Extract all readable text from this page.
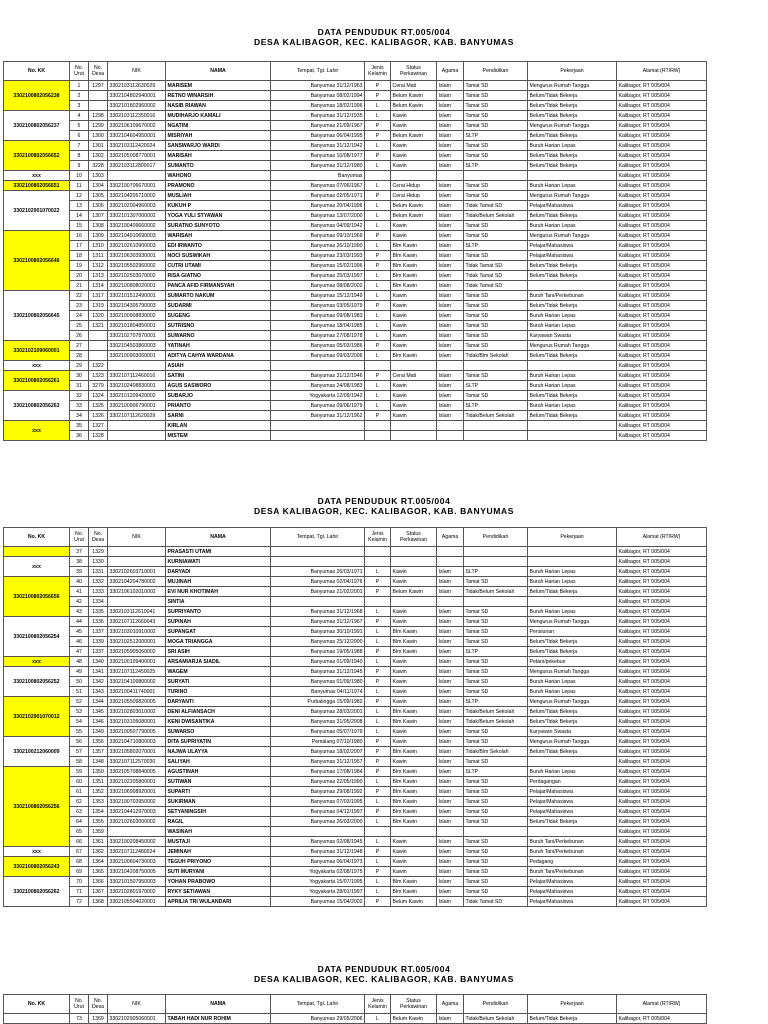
DATA PENDUDUK RT.005/004
DESA KALIBAGOR, KEC. KALIBAGOR, KAB. BANYUMAS
DATA PENDUDUK RT.005/004
DESA KALIBAGOR, KEC. KALIBAGOR, KAB. BANYUMAS
DATA PENDUDUK RT.005/004
DESA KALIBAGOR, KEC. KALIBAGOR, KAB. BANYUMAS
No. KK	No. Urut	No. Desa	NIK	NAMA	Tempat, Tgl. Lahir	Jenis Kelamin	Status Perkawinan	Agama	Pendidikan	Pekerjaan	Alamat (RT/RW)
3302100802056238	1	1297	3302103112630029	MARISEM	Banyumas 31/12/1963	P	Cerai Mati	Islam	Tamat SD	Mengurus Rumah Tangga	Kalibagor, RT 005/004
	2		3302104802940001	RETNO WINARSIH	Banyumas 08/02/1994	P	Belum Kawin	Islam	Tamat SD	Belum/Tidak Bekerja	Kalibagor, RT 005/004
	3		3302101802960002	NASIB RIAWAN	Banyumas 18/02/1996	L	Belum Kawin	Islam	Tamat SD	Belum/Tidak Bekerja	Kalibagor, RT 005/004
3302100802056237	4	1298	3302103112350016	MUDIHARJO KAMALI	Banyumas 31/12/1935	L	Kawin	Islam	Tamat SD	Belum/Tidak Bekerja	Kalibagor, RT 005/004
	5	1299	3302106109670002	NGATINI	Banyumas 21/09/1967	P	Kawin	Islam	Tamat SD	Mengurus Rumah Tangga	Kalibagor, RT 005/004
	6	1300	3302104604950001	MISRIYAH	Banyumas 06/04/1995	P	Belum Kawin	Islam	SLTP	Belum/Tidak Bekerja	Kalibagor, RT 005/004
3302100802056652	7	1301	3302103112420024	SANSWARJO WARDI	Banyumas 31/12/1942	L	Kawin	Islam	Tamat SD	Buruh Harian Lepas	Kalibagor, RT 005/004
	8	1302	3302105008770001	MARISAH	Banyumas 10/08/1977	P	Kawin	Islam	Tamat SD	Belum/Tidak Bekerja	Kalibagor, RT 005/004
	9	3228	3302103112800017	SUMANTO	Banyumas 31/12/1980	L	Kawin	Islam	SLTP	Belum/Tidak Bekerja	Kalibagor, RT 005/004
xxx	10	1303		WAHONO	Banyumas						Kalibagor, RT 005/004
3302100802056651	11	1304	3302100706670001	PRAMONO	Banyumas 07/06/1967	L	Cerai Hidup	Islam	Tamat SD	Buruh Harian Lepas	Kalibagor, RT 005/004
3302102901070022	12	1305	3302104205710002	MUSLIAH	Banyumas 02/05/1971	P	Cerai Hidup	Islam	Tamat SD	Mengurus Rumah Tangga	Kalibagor, RT 005/004
	13	1306	3302102004960003	KUKUH P	Banyumas 20/04/1996	L	Belum Kawin	Islam	Tidak Tamat SD	Pelajar/Mahasiswa	Kalibagor, RT 005/004
	14	1307	3302101307000002	YOGA YULI STYAWAN	Banyumas 13/07/2000	L	Belum Kawin	Islam	Tidak/Belum Sekolah	Belum/Tidak Bekerja	Kalibagor, RT 005/004
	15	1308	3302100409660002	SURATNO SUNYOTO	Banyumas 04/09/1942	L	Kawin	Islam	Tamat SD	Buruh Harian Lepas	Kalibagor, RT 005/004
3302100802056646	16	1309	3302104910690003	WARISAH	Banyumas 09/10/1969	P	Kawin	Islam	Tamat SD	Mengurus Rumah Tangga	Kalibagor, RT 005/004
	17	1310	3302102610900003	EDI IRWANTO	Banyumas 26/10/1990	L	Blm Kawin	Islam	SLTP	Pelajar/Mahasiswa	Kalibagor, RT 005/004
	18	1311	3302106303930001	NOCI SUSWIKAH	Banyumas 23/03/1993	P	Blm Kawin	Islam	Tamat SD	Pelajar/Mahasiswa	Kalibagor, RT 005/004
	19	1312	3302105502960002	CUTRI UTAMI	Banyumas 15/02/1996	P	Blm Kawin	Islam	Tidak Tamat SD	Belum/Tidak Bekerja	Kalibagor, RT 005/004
	20	1313	3302102503070002	RISA GIATNO	Banyumas 25/03/1997	L	Blm Kawin	Islam	Tidak Tamat SD	Belum/Tidak Bekerja	Kalibagor, RT 005/004
	21	1314	3302100808020001	PANCA AFID FIRMANSYAH	Banyumas 08/08/2002	L	Blm Kawin	Islam	Tidak Tamat SD		Kalibagor, RT 005/004
3302100802056645	22	1317	3302101512490001	SUMARTO NAKUM	Banyumas 15/12/1949	L	Kawin	Islam	Tamat SD	Buruh Tani/Perkebunan	Kalibagor, RT 005/004
	23	1319	3302104305790003	SUDARMI	Banyumas 03/05/1979	P	Kawin	Islam	Tamat SD	Belum/Tidak Bekerja	Kalibagor, RT 005/004
	24	1320	3302100908830002	SUGENG	Banyumas 09/08/1983	L	Kawin	Islam	Tamat SD	Buruh Harian Lepas	Kalibagor, RT 005/004
	25	1321	3302101804850001	SUTRISNO	Banyumas 18/04/1985	L	Kawin	Islam	Tamat SD	Buruh Harian Lepas	Kalibagor, RT 005/004
	26		3302102707870001	SUWARNO	Banyumas 27/08/1978	L	Kawin	Islam	Tamat SD	Karyawan Swasta	Kalibagor, RT 005/004
3302102109060001	27		3302104503860003	YATINAH	Banyumas 05/03/1986	P	Kawin	Islam	Tamat SD	Mengurus Rumah Tangga	Kalibagor, RT 005/004
	28		3302100903060001	ADITYA CAHYA WARDANA	Banyumas 09/03/2006	L	Blm Kawin	Islam	Tidak/Blm Sekolah	Belum/Tidak Bekerja	Kalibagor, RT 005/004
xxx	29	1322		ASIAH							Kalibagor, RT 005/004
3302100802056261	30	1323	3302107112460016	SATINI	Banyumas 31/12/1946	P	Cerai Mati	Islam	Tamat SD	Buruh Harian Lepas	Kalibagor, RT 005/004
	31	3279	3302102408830001	AGUS SASWORO	Banyumas 24/08/1983	L	Kawin	Islam	SLTP	Buruh Harian Lepas	Kalibagor, RT 005/004
3302100802056263	32	1324	3302101209420002	SUBARJO	Yogyakarta 12/09/1942	L	Kawin	Islam	Tamat SD	Belum/Tidak Bekerja	Kalibagor, RT 005/004
	33	1325	3302100906790001	PRIANTO	Banyumas 09/06/1979	L	Kawin	Islam	SLTP	Buruh Harian Lepas	Kalibagor, RT 005/004
	34	1326	3302107112620029	SARNI	Banyumas 31/12/1962	P	Kawin	Islam	Tidak/Belum Sekolah	Belum/Tidak Bekerja	Kalibagor, RT 005/004
xxx	35	1327		KIRLAN							Kalibagor, RT 005/004
	36	1328		MISTEM							Kalibagor, RT 005/004
No. KK	No. Urut	No. Desa	NIK	NAMA	Tempat, Tgl. Lahir	Jenis Kelamin	Status Perkawinan	Agama	Pendidikan	Pekerjaan	Alamat (RT/RW)
	37	1329		PRASASTI UTAMI							Kalibagor, RT 005/004
xxx	38	1330		KURNIAWATI							Kalibagor, RT 005/004
	39	1331	3302102603710001	DARYADI	Banyumas 26/03/1971	L	Kawin	Islam	SLTP	Buruh Harian Lepas	Kalibagor, RT 005/004
3302100802056656	40	1332	3302104204780002	MUJINAH	Banyumas 02/04/1976	P	Kawin	Islam	Tamat SD	Buruh Harian Lepas	Kalibagor, RT 005/004
	41	1333	3302106102010002	EVI NUR KHOTIMAH	Banyumas 21/02/2001	P	Belum Kawin	Islam	Tidak/Belum Sekolah	Belum/Tidak Bekerja	Kalibagor, RT 005/004
	42	1334		SINTIA							Kalibagor, RT 005/004
	43	1335	3302103112610041	SUPRIYANTO	Banyumas 31/12/1968	L	Kawin	Islam	Tamat SD	Buruh Harian Lepas	Kalibagor, RT 005/004
3302100802056254	44	1336	3302107112660043	SUPINAH	Banyumas 31/12/1967	P	Kawin	Islam	Tamat SD	Mengurus Rumah Tangga	Kalibagor, RT 005/004
	45	1337	3302103010910002	SUPANGAT	Banyumas 30/10/1991	L	Blm Kawin	Islam	Tamat SD	Pensiunan	Kalibagor, RT 005/004
	46	1339	3302102512000001	MOGA TRIANGGA	Banyumas 25/12/2000	L	Blm Kawin	Islam	Tamat SD	Belum/Tidak Bekerja	Kalibagor, RT 005/004
	47	1337	3302105905060002	SRI ASIH	Banyumas 19/05/1988	P	Blm Kawin	Islam	SLTP	Belum/Tidak Bekerja	Kalibagor, RT 005/004
xxx	48	1340	3302100109400001	ARSAMIARJA SIADIL	Banyumas 01/09/1940	L	Kawin	Islam	Tamat SD	Petani/pekebun	Kalibagor, RT 005/004
3302100802056252	49	1341	3302107112450025	WAGEM	Banyumas 31/12/1945	P	Kawin	Islam	Tamat SD	Mengurus Rumah Tangga	Kalibagor, RT 005/004
	50	1342	3302104109800002	SURYATI	Banyumas 01/09/1980	P	Kawin	Islam	Tamat SD	Buruh Harian Lepas	Kalibagor, RT 005/004
	51	1343	3302100411740001	TURINO	Banyumas 04/11/1974	L	Kawin	Islam	Tamat SD	Buruh Harian Lepas	Kalibagor, RT 005/004
3302102901070012	52	1344	3302105509820005	DARYANTI	Purbalingga 15/09/1982	P	Kawin	Islam	SLTP	Mengurus Rumah Tangga	Kalibagor, RT 005/004
	53	1345	3302102803010002	DENI ALFIANSACH	Banyumas 28/03/2001	L	Blm Kawin	Islam	Tidak/Belum Sekolah	Belum/Tidak Bekerja	Kalibagor, RT 005/004
	54	1346	3302103105080001	KENI DWISANTIKA	Banyumas 31/05/2008	L	Blm Kawin	Islam	Tidak/Belum Sekolah	Belum/Tidak Bekerja	Kalibagor, RT 005/004
	55	1349	3302100507790005	SUWARSO	Banyumas 05/07/1979	L	Kawin	Islam	Tamat SD	Karyawan Swasta	Kalibagor, RT 005/004
3302100212060009	56	1356	3302104710800003	DITA SUPRIYATIN	Pemalang 07/10/1980	P	Kawin	Islam	Tamat SD	Mengurus Rumah Tangga	Kalibagor, RT 005/004
	57	1357	3302105802070001	NAJWA ULAYYA	Banyumas 18/02/2007	P	Blm Kawin	Islam	Tidak/Blm Sekolah	Belum/Tidak Bekerja	Kalibagor, RT 005/004
	58	1348	3302107112570030	SALIYAH	Banyumas 31/12/1957	P	Kawin	Islam	Tamat SD		Kalibagor, RT 005/004
3302100802056256	59	1350	3302105708840005	AGUSTINAH	Banyumas 17/08/1984	P	Blm Kawin	Islam	SLTP	Buruh Harian Lepas	Kalibagor, RT 005/004
	60	1351	3302102205800001	SUTIWAN	Banyumas 22/05/1990	L	Blm Kawin	Islam	Tamat SD	Perdagangan	Kalibagor, RT 005/004
	61	1352	3302106908920001	SUPARTI	Banyumas 29/08/1992	P	Blm Kawin	Islam	Tamat SD	Pelajar/Mahasiswa	Kalibagor, RT 005/004
	62	1353	3302100703950002	SUKIRMAN	Banyumas 07/03/1995	L	Blm Kawin	Islam	Tamat SD	Pelajar/Mahasiswa	Kalibagor, RT 005/004
	63	1354	3302104412970003	SETYANINGSIH	Banyumas 04/12/1997	P	Blm Kawin	Islam	Tamat SD	Pelajar/Mahasiswa	Kalibagor, RT 005/004
	64	1355	3302102603000002	RAGIL	Banyumas 26/03/2000	L	Blm Kawin	Islam	Tamat SD	Belum/Tidak Bekerja	Kalibagor, RT 005/004
	65	1359		WASINAH							Kalibagor, RT 005/004
	66	1361	3302100208450002	MUSTAJI	Banyumas 02/08/1945	L	Kawin	Islam	Tamat SD	Buruh Tani/Perkebunan	Kalibagor, RT 005/004
xxx	67	1362	3302107112480024	JEMINAH	Banyumas 31/12/1948	P	Kawin	Islam	Tamat SD	Buruh Tani/Perkebunan	Kalibagor, RT 005/004
3302100802056243	68	1364	3302100604730003	TEGUH PRIYONO	Banyumas 06/04/1973	L	Kawin	Islam	Tamat SD	Pedagang	Kalibagor, RT 005/004
	69	1365	3302104208750005	SUTI MURYANI	Yogyakarta 02/08/1975	P	Kawin	Islam	Tamat SD	Buruh Tani/Perkebunan	Kalibagor, RT 005/004
3302100802056262	70	1366	3302101507950003	YOHAN PRABOWO	Yogyakarta 15/07/1995	L	Blm Kawin	Islam	Tamat SD	Pelajar/Mahasiswa	Kalibagor, RT 005/004
	71	1367	3302102801970002	RYKY SETIAWAN	Yogyakarta 28/01/1997	L	Blm Kawin	Islam	Tamat SD	Pelajar/Mahasiswa	Kalibagor, RT 005/004
	72	1368	3302105504020001	APRILIA TRI WULANDARI	Banyumas 15/04/2002	P	Belum Kawin	Islam	Tidak Tamat SD	Pelajar/Mahasiswa	Kalibagor, RT 005/004
No. KK	No. Urut	No. Desa	NIK	NAMA	Tempat, Tgl. Lahir	Jenis Kelamin	Status Perkawinan	Agama	Pendidikan	Pekerjaan	Alamat (RT/RW)
	73	1369	3302102905060001	TABAH HADI NUR ROHIM	Banyumas 29/05/2006	L	Belum Kawin	Islam	Tidak/Belum Sekolah	Belum/Tidak Bekerja	Kalibagor, RT 005/004
